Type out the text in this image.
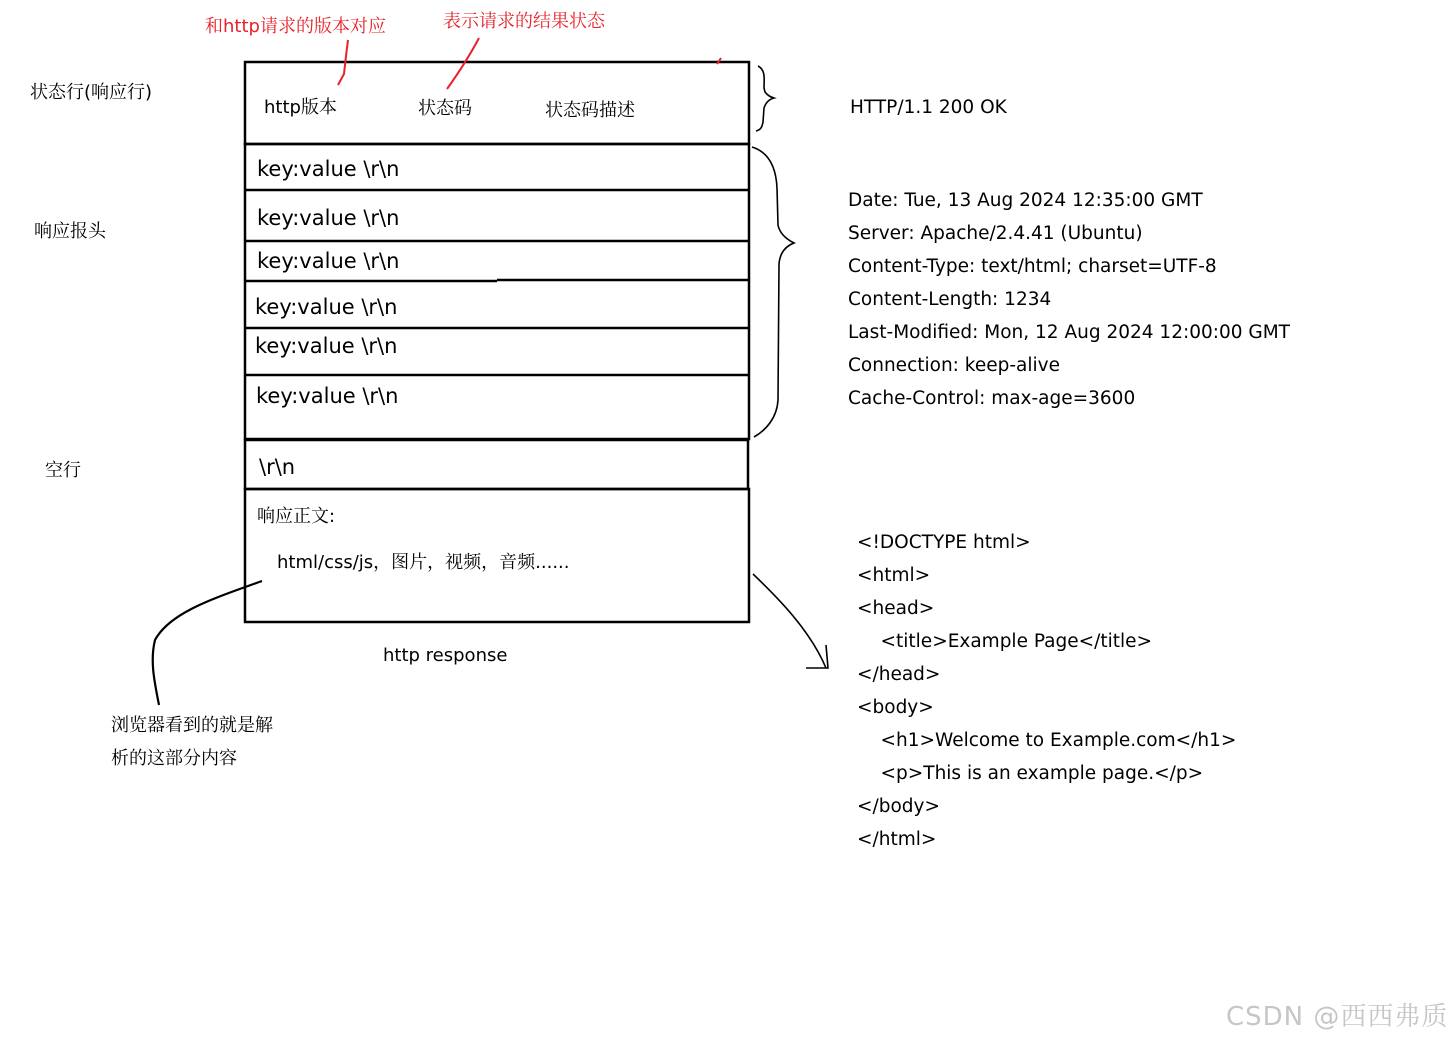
和http请求的版本对应	表示请求的结果状态
状态行(响应行)
响应报头
空行
http版本	状态码	状态码描述
key:value \r\n
key:value \r\n
key:value \r\n
key:value \r\n
key:value \r\n
key:value \r\n
\r\n
响应正文:
html/css/js，图片，视频，音频......
http response
浏览器看到的就是解
析的这部分内容
HTTP/1.1 200 OK
Date: Tue, 13 Aug 2024 12:35:00 GMT
Server: Apache/2.4.41 (Ubuntu)
Content-Type: text/html; charset=UTF-8
Content-Length: 1234
Last-Modified: Mon, 12 Aug 2024 12:00:00 GMT
Connection: keep-alive
Cache-Control: max-age=3600
<!DOCTYPE html>
<html>
<head>
<title>Example Page</title>
</head>
<body>
<h1>Welcome to Example.com</h1>
<p>This is an example page.</p>
</body>
</html>
CSDN @西西弗质
